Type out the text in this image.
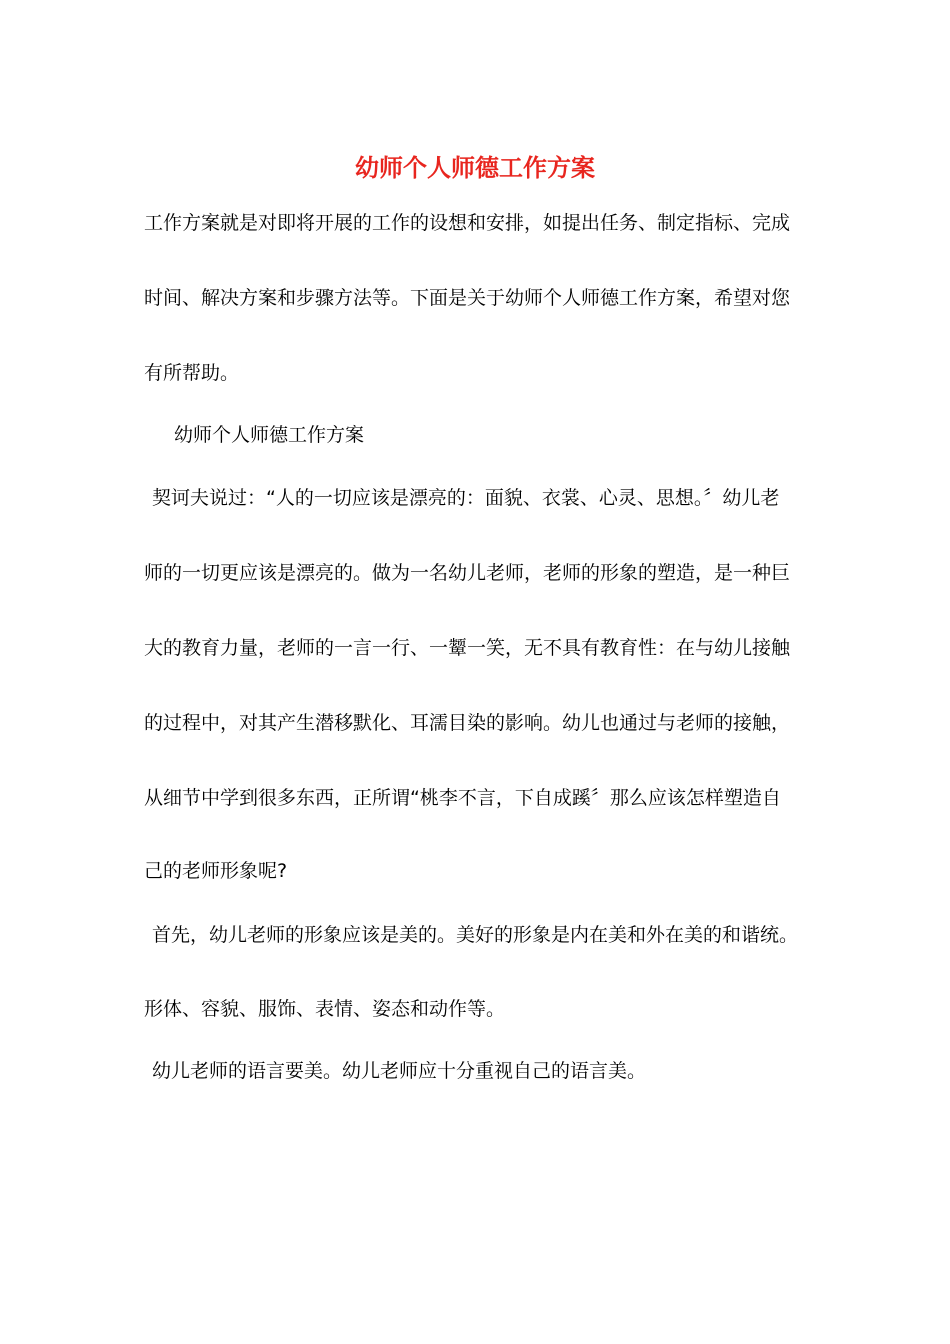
幼师个人师德工作方案

工作方案就是对即将开展的工作的设想和安排，如提出任务、制定指标、完成

时间、解决方案和步骤方法等。下面是关于幼师个人师德工作方案，希望对您

有所帮助。

幼师个人师德工作方案

契诃夫说过：“人的一切应该是漂亮的：面貌、衣裳、心灵、思想。〞幼儿老

师的一切更应该是漂亮的。做为一名幼儿老师，老师的形象的塑造，是一种巨

大的教育力量，老师的一言一行、一颦一笑，无不具有教育性：在与幼儿接触

的过程中，对其产生潜移默化、耳濡目染的影响。幼儿也通过与老师的接触，

从细节中学到很多东西，正所谓“桃李不言，下自成蹊〞那么应该怎样塑造自

己的老师形象呢?

首先，幼儿老师的形象应该是美的。美好的形象是内在美和外在美的和谐统。

形体、容貌、服饰、表情、姿态和动作等。

幼儿老师的语言要美。幼儿老师应十分重视自己的语言美。
